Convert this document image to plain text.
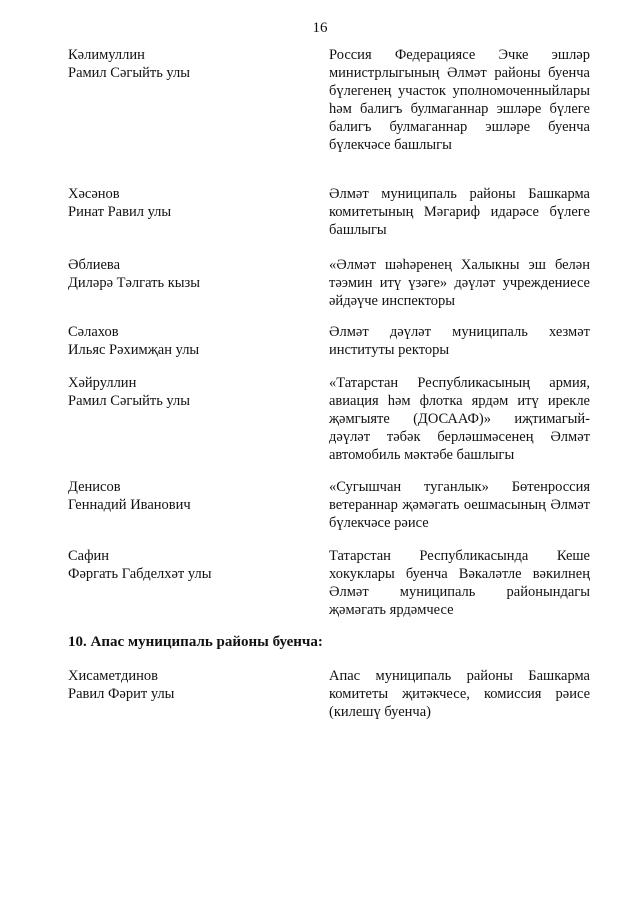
16
Кәлимуллин
Рамил Сәгыйть улы
Россия Федерациясе Эчке эшләр министрлыгының Әлмәт районы буенча бүлегенең участок уполномоченныйлары һәм балигъ булмаганнар эшләре бүлеге балигъ булмаганнар эшләре буенча бүлекчәсе башлыгы
Хәсәнов
Ринат Равил улы
Әлмәт муниципаль районы Башкарма комитетының Мәгариф идарәсе бүлеге башлыгы
Әблиева
Диләрә Тәлгать кызы
«Әлмәт шәһәренең Халыкны эш белән тәэмин итү үзәге» дәүләт учреждениесе әйдәүче инспекторы
Сәлахов
Ильяс Рәхимҗан улы
Әлмәт дәүләт муниципаль хезмәт институты ректоры
Хәйруллин
Рамил Сәгыйть улы
«Татарстан Республикасының армия, авиация һәм флотка ярдәм итү ирекле җәмгыяте (ДОСААФ)» иҗтимагый-дәүләт тәбәк берләшмәсенең Әлмәт автомобиль мәктәбе башлыгы
Денисов
Геннадий Иванович
«Сугышчан туганлык» Бөтенроссия ветераннар җәмәгать оешмасының Әлмәт бүлекчәсе рәисе
Сафин
Фәргать Габделхәт улы
Татарстан Республикасында Кеше хокуклары буенча Вәкаләтле вәкилнең Әлмәт муниципаль районындагы җәмәгать ярдәмчесе
10. Апас муниципаль районы буенча:
Хисаметдинов
Равил Фәрит улы
Апас муниципаль районы Башкарма комитеты җитәкчесе, комиссия рәисе (килешү буенча)
